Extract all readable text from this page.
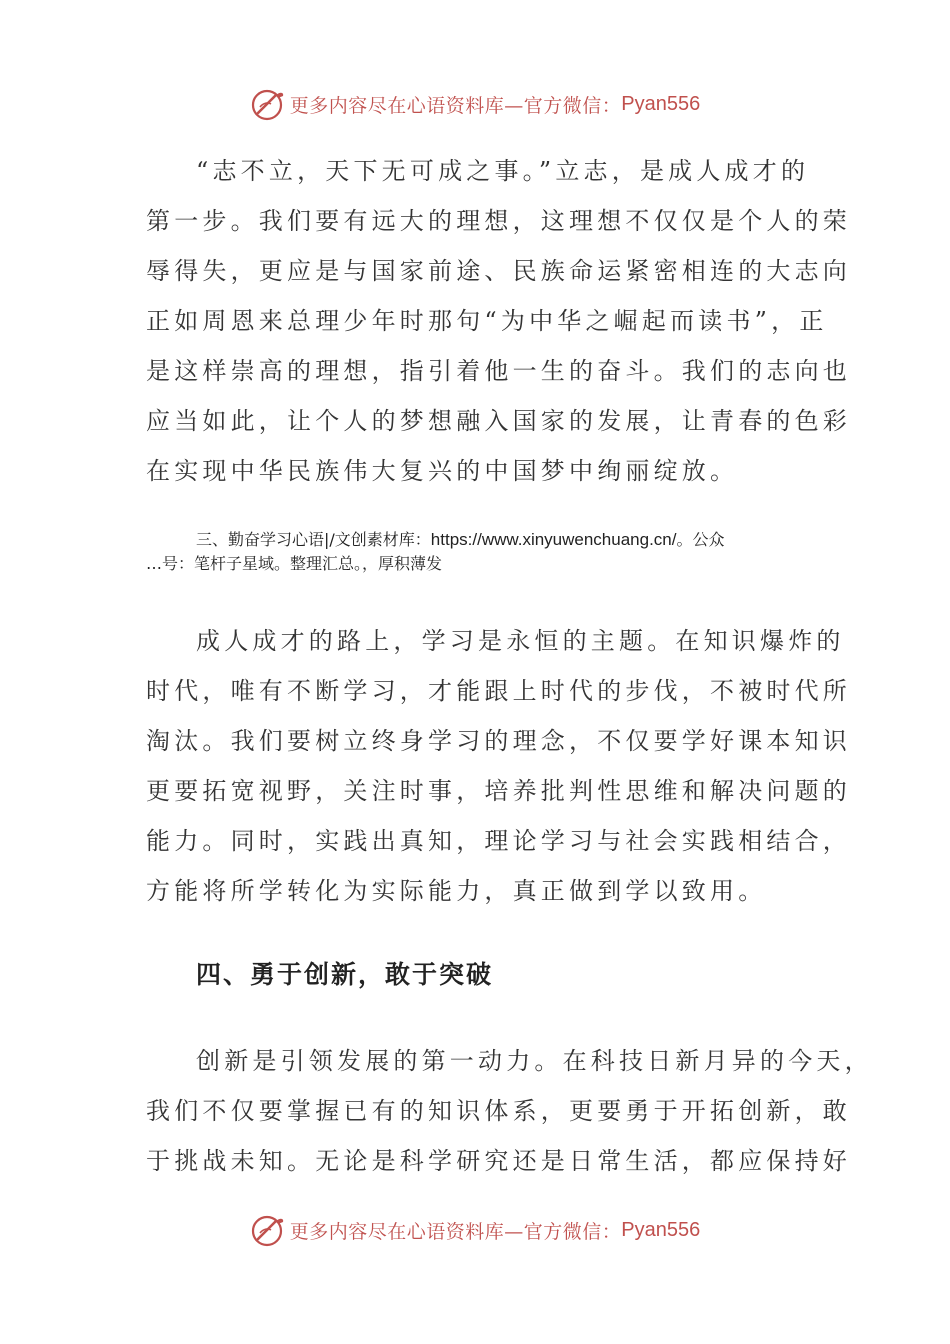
更多内容尽在心语资料库—官方微信： Pyan556
“志不立，天下无可成之事。”立志，是成人成才的
第一步。我们要有远大的理想，这理想不仅仅是个人的荣
辱得失，更应是与国家前途、民族命运紧密相连的大志向
正如周恩来总理少年时那句“为中华之崛起而读书”，正
是这样崇高的理想，指引着他一生的奋斗。我们的志向也
应当如此，让个人的梦想融入国家的发展，让青春的色彩
在实现中华民族伟大复兴的中国梦中绚丽绽放。
三、勤奋学习心语|/文创素材库：https://www.xinyuwenchuang.cn/。公众
…号：笔杆子星域。整理汇总。，厚积薄发
成人成才的路上，学习是永恒的主题。在知识爆炸的
时代，唯有不断学习，才能跟上时代的步伐，不被时代所
淘汰。我们要树立终身学习的理念，不仅要学好课本知识
更要拓宽视野，关注时事，培养批判性思维和解决问题的
能力。同时，实践出真知，理论学习与社会实践相结合，
方能将所学转化为实际能力，真正做到学以致用。
四、勇于创新，敢于突破
创新是引领发展的第一动力。在科技日新月异的今天，
我们不仅要掌握已有的知识体系，更要勇于开拓创新，敢
于挑战未知。无论是科学研究还是日常生活，都应保持好
更多内容尽在心语资料库—官方微信： Pyan556
